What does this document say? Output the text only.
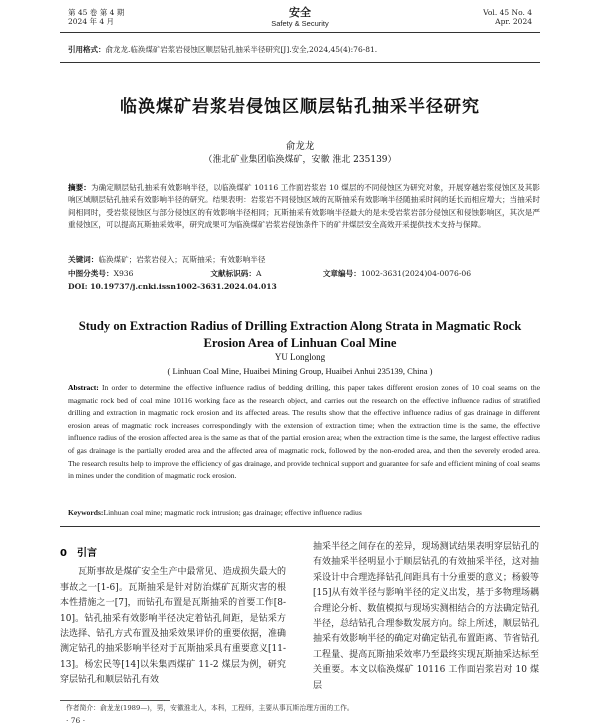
第 45 卷 第 4 期
2024 年 4 月
安全
Safety & Security
Vol. 45 No. 4
Apr. 2024
引用格式：俞龙龙.临涣煤矿岩浆岩侵蚀区顺层钻孔抽采半径研究[J].安全,2024,45(4):76-81.
临涣煤矿岩浆岩侵蚀区顺层钻孔抽采半径研究
俞龙龙
（淮北矿业集团临涣煤矿，安徽 淮北 235139）
摘要：为确定顺层钻孔抽采有效影响半径，以临涣煤矿 10116 工作面岩浆岩 10 煤层的不同侵蚀区为研究对象，开展穿越岩浆侵蚀区及其影响区域顺层钻孔抽采有效影响半径的研究。结果表明：岩浆岩不同侵蚀区域的瓦斯抽采有效影响半径随抽采时间的延长而相应增大；当抽采时间相同时，受岩浆侵蚀区与部分侵蚀区的有效影响半径相同；瓦斯抽采有效影响半径最大的是未受岩浆岩部分侵蚀区和侵蚀影响区，其次是严重侵蚀区，可以提高瓦斯抽采效率，研究成果可为临涣煤矿岩浆岩侵蚀条件下的矿井煤层安全高效开采提供技术支持与保障。
关键词：临涣煤矿；岩浆岩侵入；瓦斯抽采；有效影响半径
中图分类号：X936	文献标识码：A	文章编号：1002-3631(2024)04-0076-06
DOI: 10.19737/j.cnki.issn1002-3631.2024.04.013
Study on Extraction Radius of Drilling Extraction Along Strata in Magmatic Rock Erosion Area of Linhuan Coal Mine
YU Longlong
( Linhuan Coal Mine, Huaibei Mining Group, Huaibei Anhui 235139, China )
Abstract: In order to determine the effective influence radius of bedding drilling, this paper takes different erosion zones of 10 coal seams on the magmatic rock bed of coal mine 10116 working face as the research object, and carries out the research on the effective influence radius of stratified drilling and extraction in magmatic rock erosion and its affected areas. The results show that the effective influence radius of gas drainage in different erosion areas of magmatic rock increases correspondingly with the extension of extraction time; when the extraction time is the same, the effective influence radius of the erosion affected area is the same as that of the partial erosion area; when the extraction time is the same, the largest effective radius of gas drainage is the partially eroded area and the affected area of magmatic rock, followed by the non-eroded area, and then the severely eroded area. The research results help to improve the efficiency of gas drainage, and provide technical support and guarantee for safe and efficient mining of coal seams in mines under the condition of magmatic rock erosion.
Keywords:Linhuan coal mine; magmatic rock intrusion; gas drainage; effective influence radius
0 引言
瓦斯事故是煤矿安全生产中最常见、造成损失最大的事故之一[1-6]。瓦斯抽采是针对防治煤矿瓦斯灾害的根本性措施之一[7]，而钻孔布置是瓦斯抽采的首要工作[8-10]。钻孔抽采有效影响半径决定着钻孔间距，是钻采方法选择、钻孔方式布置及抽采效果评价的重要依据，准确测定钻孔的抽采影响半径对于瓦斯抽采具有重要意义[11-13]。杨宏民等[14]以朱集西煤矿 11-2 煤层为例，研究穿层钻孔和顺层钻孔有效
抽采半径之间存在的差异，现场测试结果表明穿层钻孔的有效抽采半径明显小于顺层钻孔的有效抽采半径，这对抽采设计中合理选择钻孔间距具有十分重要的意义；杨毅等[15]从有效半径与影响半径的定义出发，基于多物理场耦合理论分析、数值模拟与现场实测相结合的方法确定钻孔半径，总结钻孔合理参数发展方向。综上所述，顺层钻孔抽采有效影响半径的确定对确定钻孔布置距离、节省钻孔工程量、提高瓦斯抽采效率乃至最终实现瓦斯抽采达标至关重要。本文以临涣煤矿 10116 工作面岩浆岩对 10 煤层
作者简介：俞龙龙(1989—)，男，安徽淮北人，本科，工程师，主要从事瓦斯治理方面的工作。
· 76 ·
